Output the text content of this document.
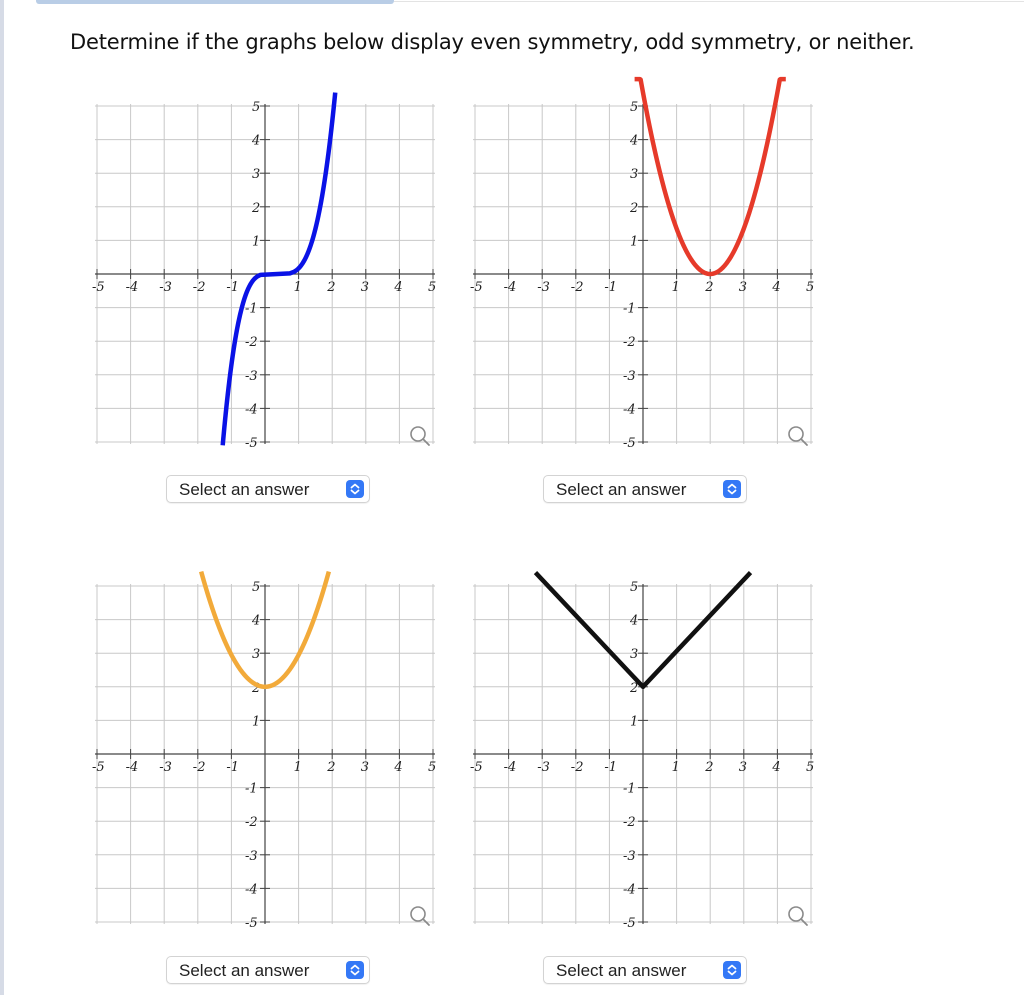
Determine if the graphs below display even symmetry, odd symmetry, or neither.
-5 -4 -3 -2 -1	1 2 3 4 5
5
4
3
2
1
-1
-2
-3
-4
-5
Select an answer
-5 -4 -3 -2 -1	1 2 3 4 5
5
4
3
2
1
-1
-2
-3
-4
-5
Select an answer
-5 -4 -3 -2 -1	1 2 3 4 5
5
4
3
2
1
-1
-2
-3
-4
-5
Select an answer
-5 -4 -3 -2 -1	1 2 3 4 5
5
4
3
2
1
-1
-2
-3
-4
-5
Select an answer
